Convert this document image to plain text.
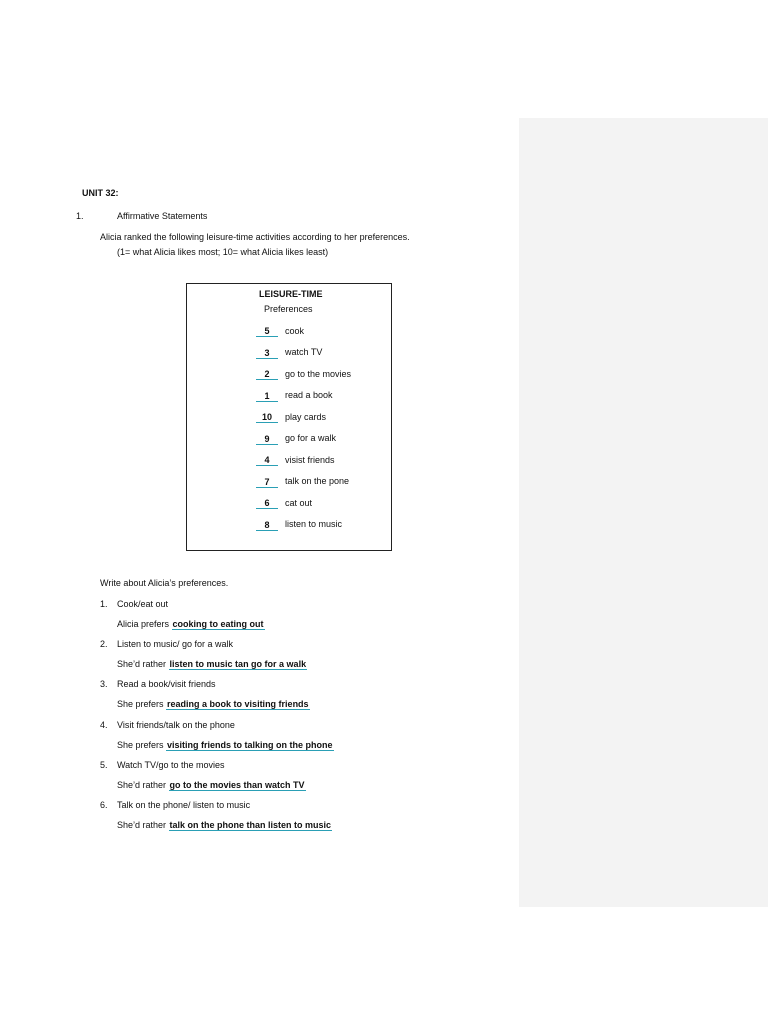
UNIT 32:
1.	Affirmative Statements
Alicia ranked the following leisure-time activities according to her preferences.
(1= what Alicia likes most; 10= what Alicia likes least)
LEISURE-TIME
Preferences
5	cook
3	watch TV
2	go to the movies
1	read a book
10	play cards
9	go for a walk
4	visist friends
7	talk on the pone
6	cat out
8	listen to music
Write about Alicia’s preferences.
1. Cook/eat out
Alicia prefers cooking to eating out
2. Listen to music/ go for a walk
She’d rather listen to music tan go for a walk
3. Read a book/visit friends
She prefers reading a book to visiting friends
4. Visit friends/talk on the phone
She prefers visiting friends to talking on the phone
5. Watch TV/go to the movies
She’d rather go to the movies than watch TV
6. Talk on the phone/ listen to music
She’d rather talk on the phone than listen to music
